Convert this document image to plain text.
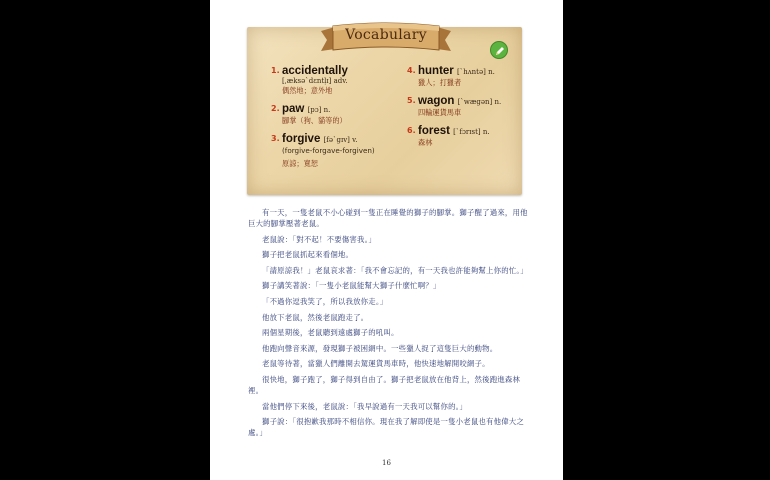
Vocabulary
1. accidentally
[ˌæksəˋdɛntḷɪ] adv.
偶然地；意外地
2. paw [pɔ] n.
腳掌（狗、貓等的）
3. forgive [fəˋgɪv] v.
(forgive-forgave-forgiven)
原諒；寬恕
4. hunter [ˋhʌntə] n.
獵人；打獵者
5. wagon [ˋwægən] n.
四輪運貨馬車
6. forest [ˋfɔrɪst] n.
森林

有一天，一隻老鼠不小心碰到一隻正在睡覺的獅子的腳掌。獅子醒了過來，用他巨大的腳掌壓著老鼠。

老鼠說：「對不起！不要傷害我。」

獅子把老鼠抓起來看個地。

「請原諒我！」老鼠哀求著：「我不會忘記的，有一天我也許能夠幫上你的忙。」

獅子講笑著說：「一隻小老鼠能幫大獅子什麼忙啊？」

「不過你逗我笑了，所以我放你走。」

他放下老鼠，然後老鼠跑走了。

兩個星期後，老鼠聽到遠處獅子的吼叫。

他跑向聲音來源，發現獅子被困網中。一些獵人捉了這隻巨大的動物。

老鼠等待著，當獵人們離開去駕運貨馬車時，他快速地解開咬網子。

很快地，獅子跑了，獅子得到自由了。獅子把老鼠放在他背上，然後跑進森林裡。

當他們停下來後，老鼠說：「我早說過有一天我可以幫你的。」

獅子說：「很抱歉我那時不相信你。現在我了解即使是一隻小老鼠也有他偉大之處。」

16
